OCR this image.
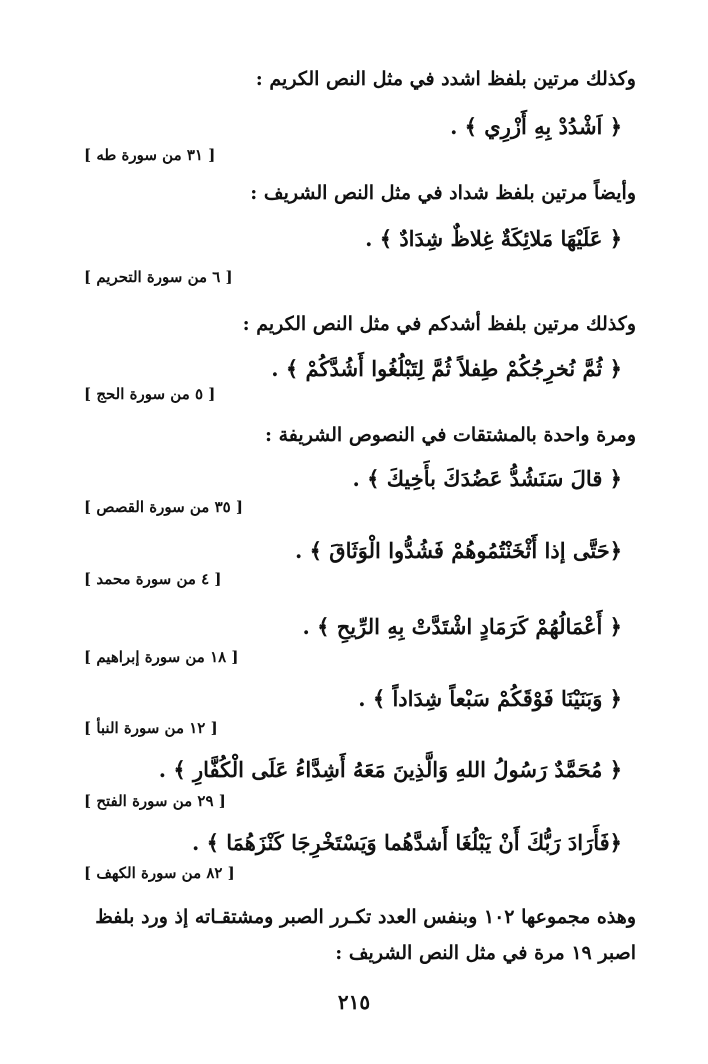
وكذلك مرتين بلفظ اشدد في مثل النص الكريم :
﴿ اَشْدُدْ بِهِ أَزْرِي ﴾ .
[ ٣١ من سورة طه ]
وأيضاً مرتين بلفظ شداد في مثل النص الشريف :
﴿ عَلَيْهَا مَلائِكَةٌ غِلاظٌ شِدَادٌ ﴾ .
[ ٦ من سورة التحريم ]
وكذلك مرتين بلفظ أشدكم في مثل النص الكريم :
﴿ ثُمَّ نُخرِجُكُمْ طِفلاً ثُمَّ لِتَبْلُغُوا أَشُدَّكُمْ ﴾ .
[ ٥ من سورة الحج ]
ومرة واحدة بالمشتقات في النصوص الشريفة :
﴿ قالَ سَنَشُدُّ عَضُدَكَ بأَخِيكَ ﴾ .
[ ٣٥ من سورة القصص ]
﴿حَتَّى إذا أَثْخَنْتُمُوهُمْ فَشُدُّوا الْوَثَاقَ ﴾ .
[ ٤ من سورة محمد ]
﴿ أَعْمَالُهُمْ كَرَمَادٍ اشْتَدَّتْ بِهِ الرِّيحِ ﴾ .
[ ١٨ من سورة إبراهيم ]
﴿ وَبَنَيْنَا فَوْقَكُمْ سَبْعاً شِدَاداً ﴾ .
[ ١٢ من سورة النبأ ]
﴿ مُحَمَّدٌ رَسُولُ اللهِ وَالَّذِينَ مَعَهُ أَشِدَّاءُ عَلَى الْكُفَّارِ ﴾ .
[ ٢٩ من سورة الفتح ]
﴿فَأَرَادَ رَبُّكَ أَنْ يَبْلُغَا أَشدَّهُما وَيَسْتَخْرِجَا كَنْزَهُمَا ﴾ .
[ ٨٢ من سورة الكهف ]
وهذه مجموعها ١٠٢ وبنفس العدد تكـرر الصبر ومشتقـاته إذ ورد بلفظ
اصبر ١٩ مرة في مثل النص الشريف :
٢١٥
